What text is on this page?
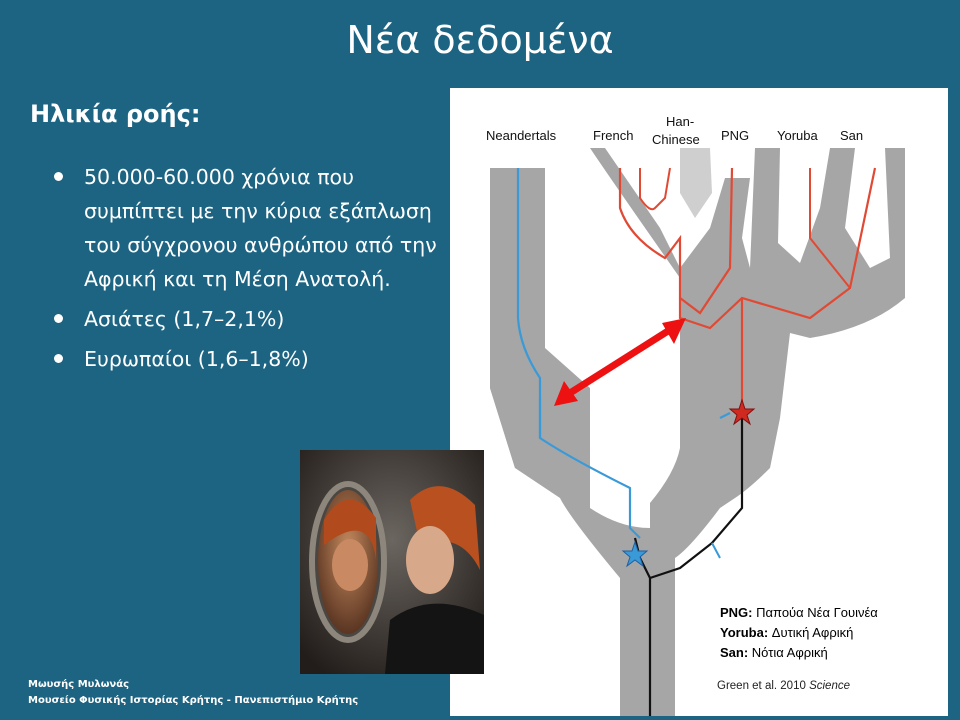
Νέα δεδομένα
Ηλικία ροής:
50.000-60.000 χρόνια που συμπίπτει με την κύρια εξάπλωση του σύγχρονου ανθρώπου από την Αφρική και τη Μέση Ανατολή.
Ασιάτες (1,7–2,1%)
Ευρωπαίοι (1,6–1,8%)
Μωυσής Μυλωνάς
Μουσείο Φυσικής Ιστορίας Κρήτης - Πανεπιστήμιο Κρήτης
Neandertals	French
Han-
Chinese PNG Yoruba San
PNG: Παπούα Νέα Γουινέα
Yoruba: Δυτική Αφρική
San: Νότια Αφρική
Green et al. 2010 Science
